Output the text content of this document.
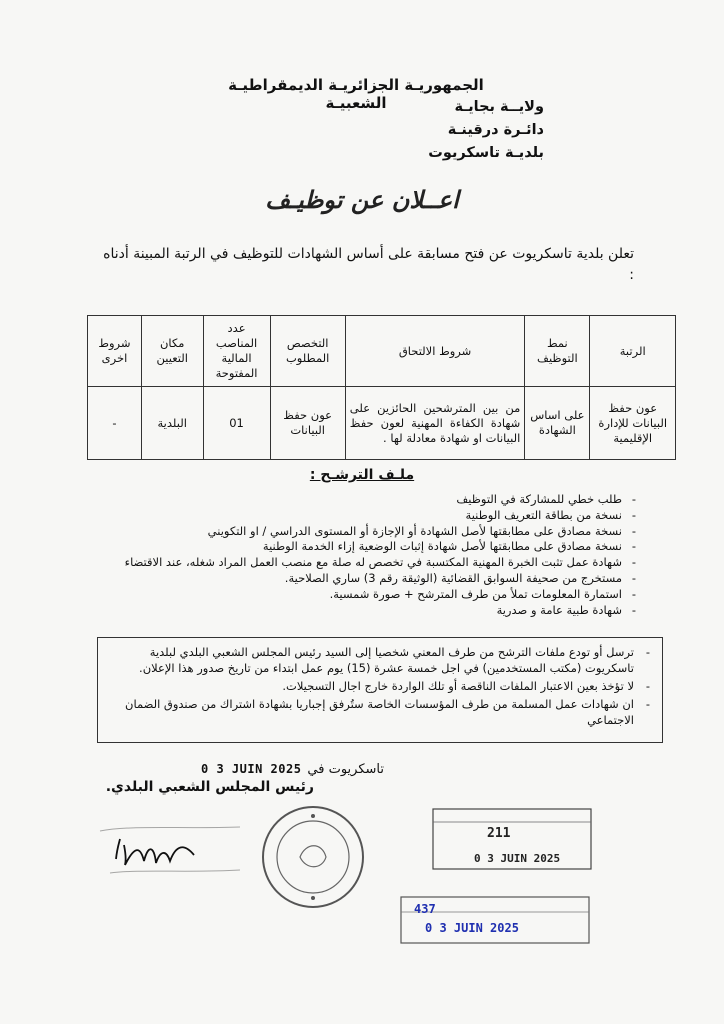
الجمهوريـة الجزائريـة الديمقراطيـة الشعبيـة	ولايــة بجايـة
دائـرة درقينـة
بلديـة تاسكريوت
اعــلان عن توظيـف
تعلن بلدية تاسكريوت عن فتح مسابقة على أساس الشهادات للتوظيف في الرتبة المبينة أدناه :
الرتبة	نمط التوظيف	شروط الالتحاق	التخصص المطلوب	عدد المناصب المالية المفتوحة	مكان التعيين	شروط اخرى
عون حفظ البيانات للإدارة الإقليمية	على اساس الشهادة	من بين المترشحين الحائزين على شهادة الكفاءة المهنية لعون حفظ البيانات او شهادة معادلة لها .	عون حفظ البيانات	01	البلدية	-
ملـف الترشـح :
- طلب خطي للمشاركة في التوظيف
- نسخة من بطاقة التعريف الوطنية
- نسخة مصادق على مطابقتها لأصل الشهادة أو الإجازة أو المستوى الدراسي / او التكويني
- نسخة مصادق على مطابقتها لأصل شهادة إثبات الوضعية إزاء الخدمة الوطنية
- شهادة عمل تثبت الخبرة المهنية المكتسبة في تخصص له صلة مع منصب العمل المراد شغله، عند الاقتضاء
- مستخرج من صحيفة السوابق القضائية (الوثيقة رقم 3) ساري الصلاحية.
- استمارة المعلومات تملأ من طرف المترشح + صورة شمسية.
- شهادة طبية عامة و صدرية
- ترسل أو تودع ملفات الترشح من طرف المعني شخصيا إلى السيد رئيس المجلس الشعبي البلدي لبلدية تاسكريوت (مكتب المستخدمين) في اجل خمسة عشرة (15) يوم عمل ابتداء من تاريخ صدور هذا الإعلان.
- لا تؤخذ بعين الاعتبار الملفات الناقصة أو تلك الواردة خارج اجال التسجيلات.
- ان شهادات عمل المسلمة من طرف المؤسسات الخاصة ستُرفق إجباريا بشهادة اشتراك من صندوق الضمان الاجتماعي
تاسكريوت في
0 3 JUIN 2025
رئيس المجلس الشعبي البلدي.
211
0 3 JUIN 2025
437
0 3 JUIN 2025
